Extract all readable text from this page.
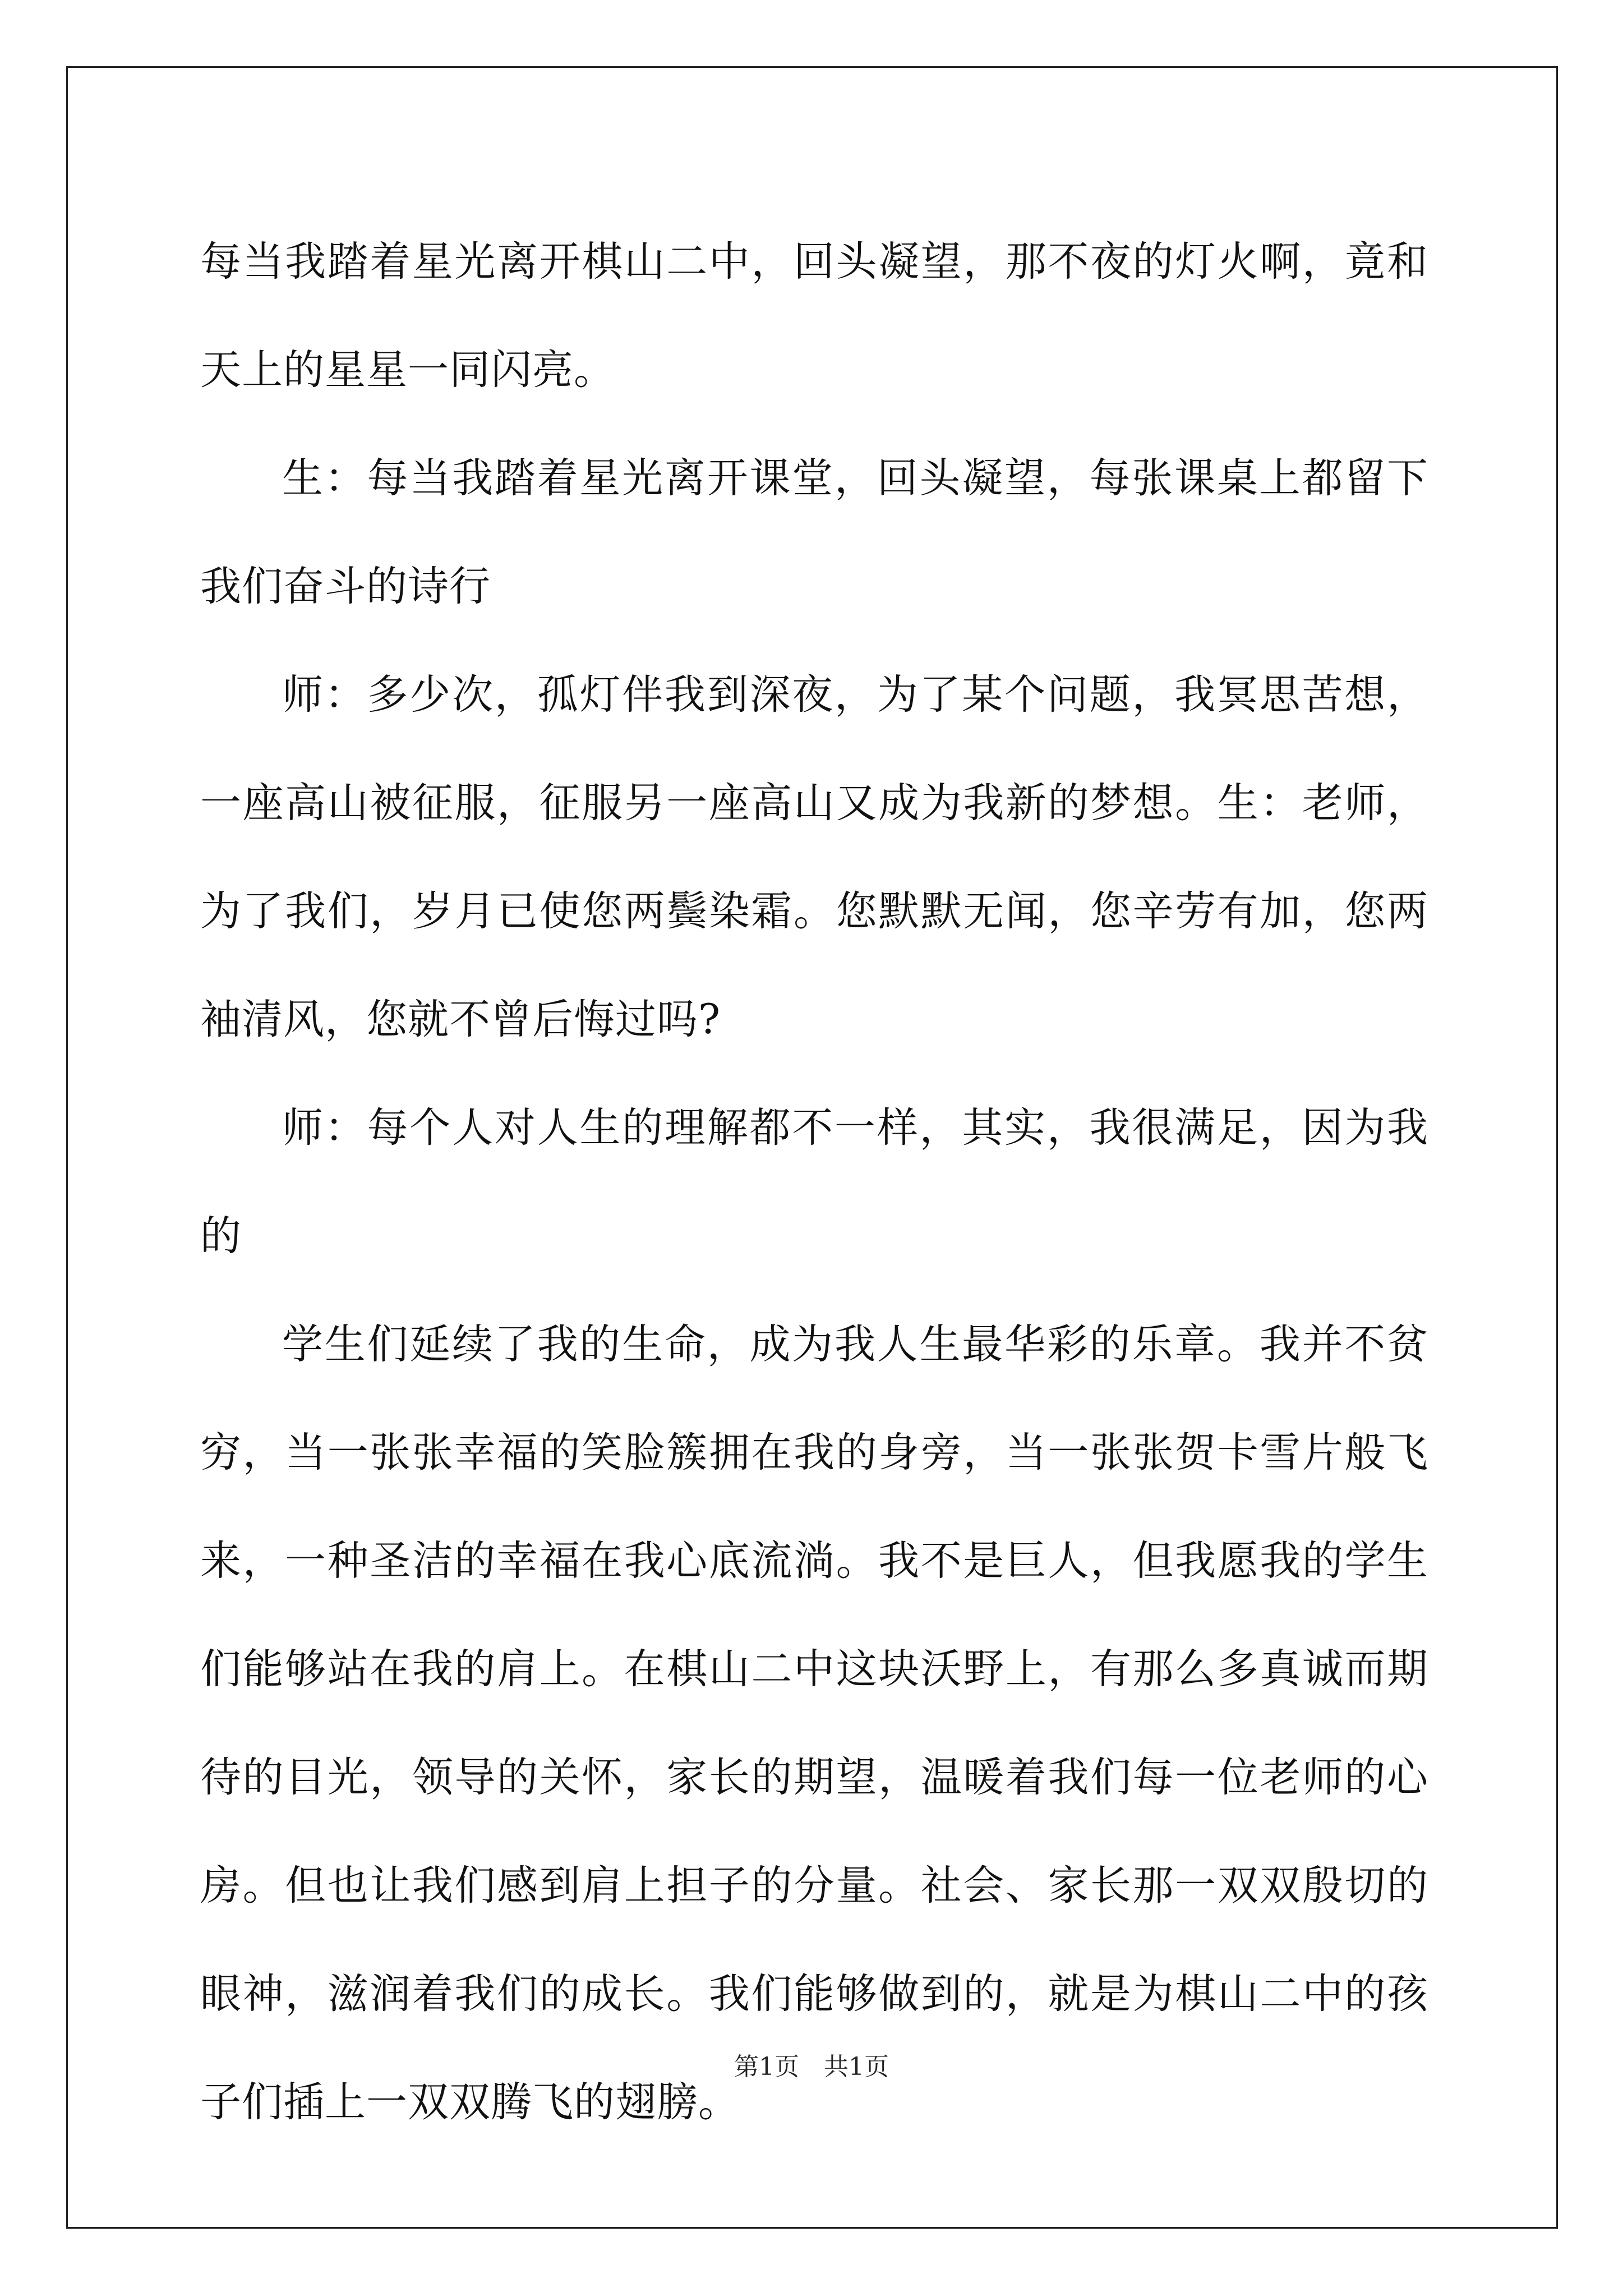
每当我踏着星光离开棋山二中，回头凝望，那不夜的灯火啊，竟和天上的星星一同闪亮。

生：每当我踏着星光离开课堂，回头凝望，每张课桌上都留下我们奋斗的诗行

师：多少次，孤灯伴我到深夜，为了某个问题，我冥思苦想，一座高山被征服，征服另一座高山又成为我新的梦想。生：老师，为了我们，岁月已使您两鬓染霜。您默默无闻，您辛劳有加，您两袖清风，您就不曾后悔过吗?

师：每个人对人生的理解都不一样，其实，我很满足，因为我的

学生们延续了我的生命，成为我人生最华彩的乐章。我并不贫穷，当一张张幸福的笑脸簇拥在我的身旁，当一张张贺卡雪片般飞来，一种圣洁的幸福在我心底流淌。我不是巨人，但我愿我的学生们能够站在我的肩上。在棋山二中这块沃野上，有那么多真诚而期待的目光，领导的关怀，家长的期望，温暖着我们每一位老师的心房。但也让我们感到肩上担子的分量。社会、家长那一双双殷切的眼神，滋润着我们的成长。我们能够做到的，就是为棋山二中的孩子们插上一双双腾飞的翅膀。

第1页 共1页
